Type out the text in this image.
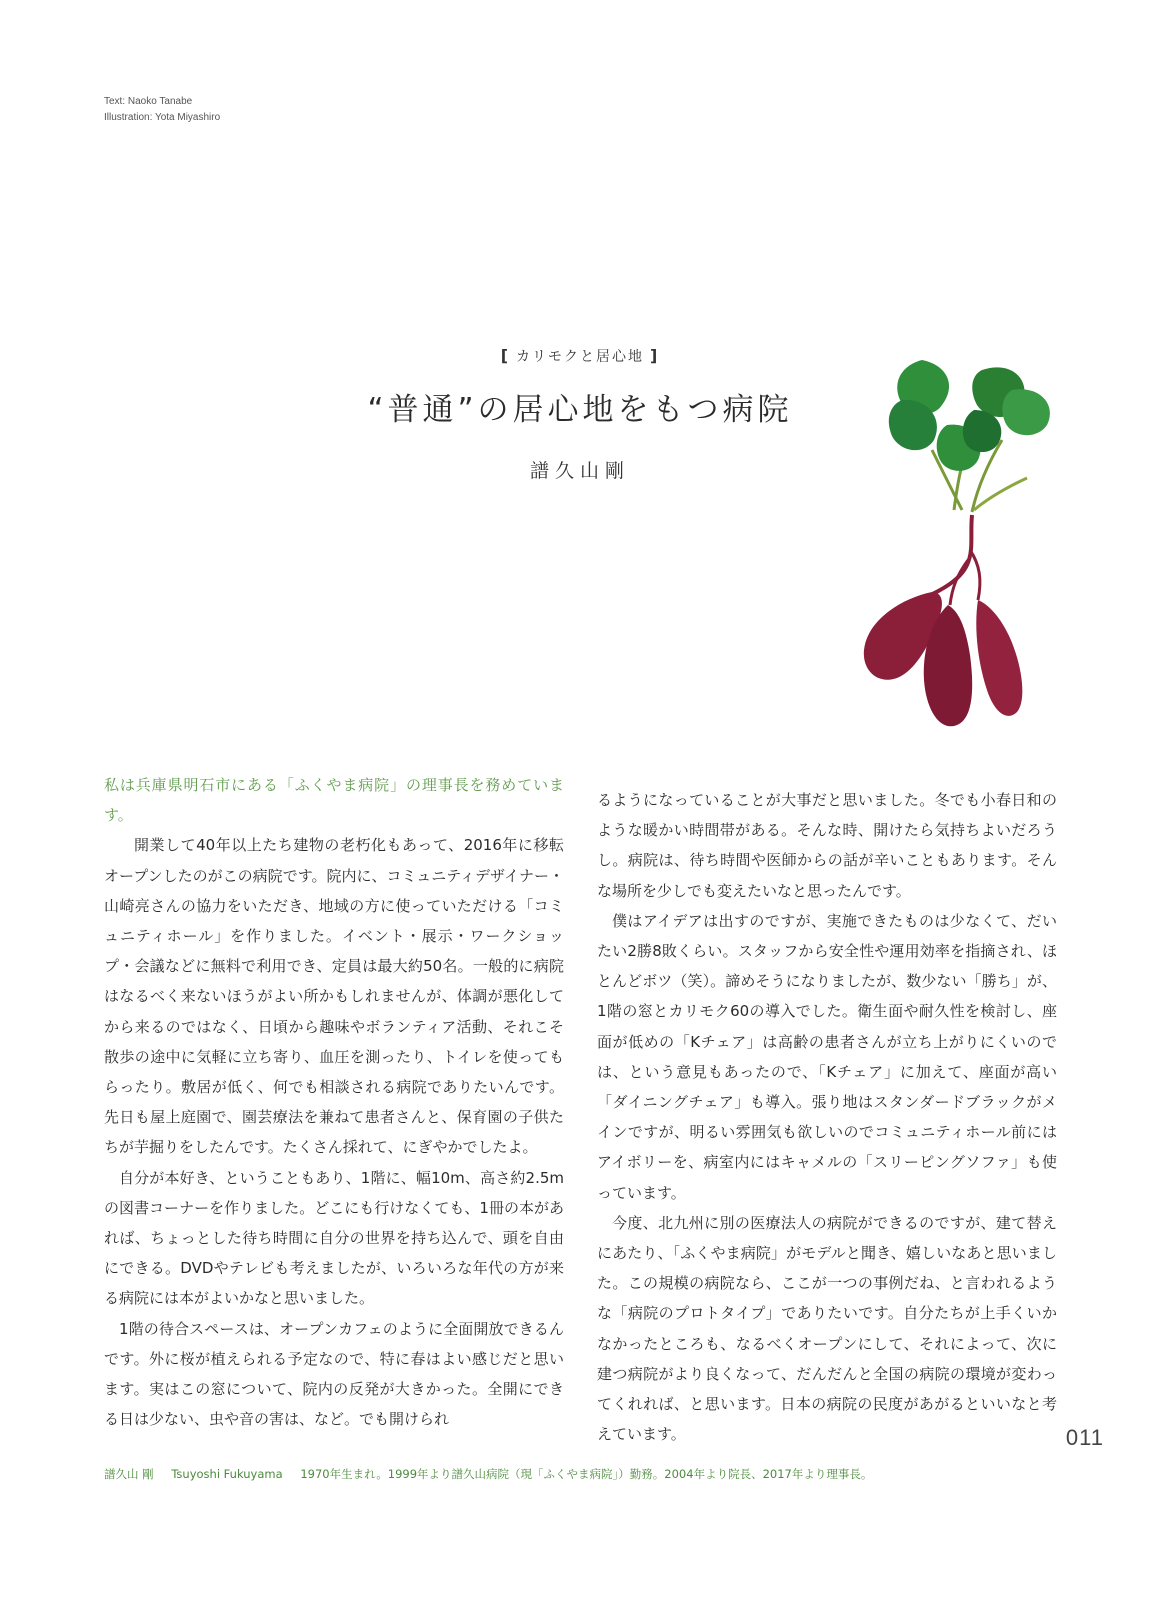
Text: Naoko Tanabe
Illustration: Yota Miyashiro
[ カリモクと居心地 ]
“普通”の居心地をもつ病院
譜久山剛

私は兵庫県明石市にある「ふくやま病院」の理事長を務めています。

開業して40年以上たち建物の老朽化もあって、2016年に移転オープンしたのがこの病院です。院内に、コミュニティデザイナー・山崎亮さんの協力をいただき、地域の方に使っていただける「コミュニティホール」を作りました。イベント・展示・ワークショップ・会議などに無料で利用でき、定員は最大約50名。一般的に病院はなるべく来ないほうがよい所かもしれませんが、体調が悪化してから来るのではなく、日頃から趣味やボランティア活動、それこそ散歩の途中に気軽に立ち寄り、血圧を測ったり、トイレを使ってもらったり。敷居が低く、何でも相談される病院でありたいんです。先日も屋上庭園で、園芸療法を兼ねて患者さんと、保育園の子供たちが芋掘りをしたんです。たくさん採れて、にぎやかでしたよ。

自分が本好き、ということもあり、1階に、幅10m、高さ約2.5mの図書コーナーを作りました。どこにも行けなくても、1冊の本があれば、ちょっとした待ち時間に自分の世界を持ち込んで、頭を自由にできる。DVDやテレビも考えましたが、いろいろな年代の方が来る病院には本がよいかなと思いました。

1階の待合スペースは、オープンカフェのように全面開放できるんです。外に桜が植えられる予定なので、特に春はよい感じだと思います。実はこの窓について、院内の反発が大きかった。全開にできる日は少ない、虫や音の害は、など。でも開けられ

るようになっていることが大事だと思いました。冬でも小春日和のような暖かい時間帯がある。そんな時、開けたら気持ちよいだろうし。病院は、待ち時間や医師からの話が辛いこともあります。そんな場所を少しでも変えたいなと思ったんです。

僕はアイデアは出すのですが、実施できたものは少なくて、だいたい2勝8敗くらい。スタッフから安全性や運用効率を指摘され、ほとんどボツ（笑）。諦めそうになりましたが、数少ない「勝ち」が、1階の窓とカリモク60の導入でした。衛生面や耐久性を検討し、座面が低めの「Kチェア」は高齢の患者さんが立ち上がりにくいのでは、という意見もあったので、「Kチェア」に加えて、座面が高い「ダイニングチェア」も導入。張り地はスタンダードブラックがメインですが、明るい雰囲気も欲しいのでコミュニティホール前にはアイボリーを、病室内にはキャメルの「スリーピングソファ」も使っています。

今度、北九州に別の医療法人の病院ができるのですが、建て替えにあたり、「ふくやま病院」がモデルと聞き、嬉しいなあと思いました。この規模の病院なら、ここが一つの事例だね、と言われるような「病院のプロトタイプ」でありたいです。自分たちが上手くいかなかったところも、なるべくオープンにして、それによって、次に建つ病院がより良くなって、だんだんと全国の病院の環境が変わってくれれば、と思います。日本の病院の民度があがるといいなと考えています。	011
譜久山 剛 Tsuyoshi Fukuyama 1970年生まれ。1999年より譜久山病院（現「ふくやま病院」）勤務。2004年より院長、2017年より理事長。
